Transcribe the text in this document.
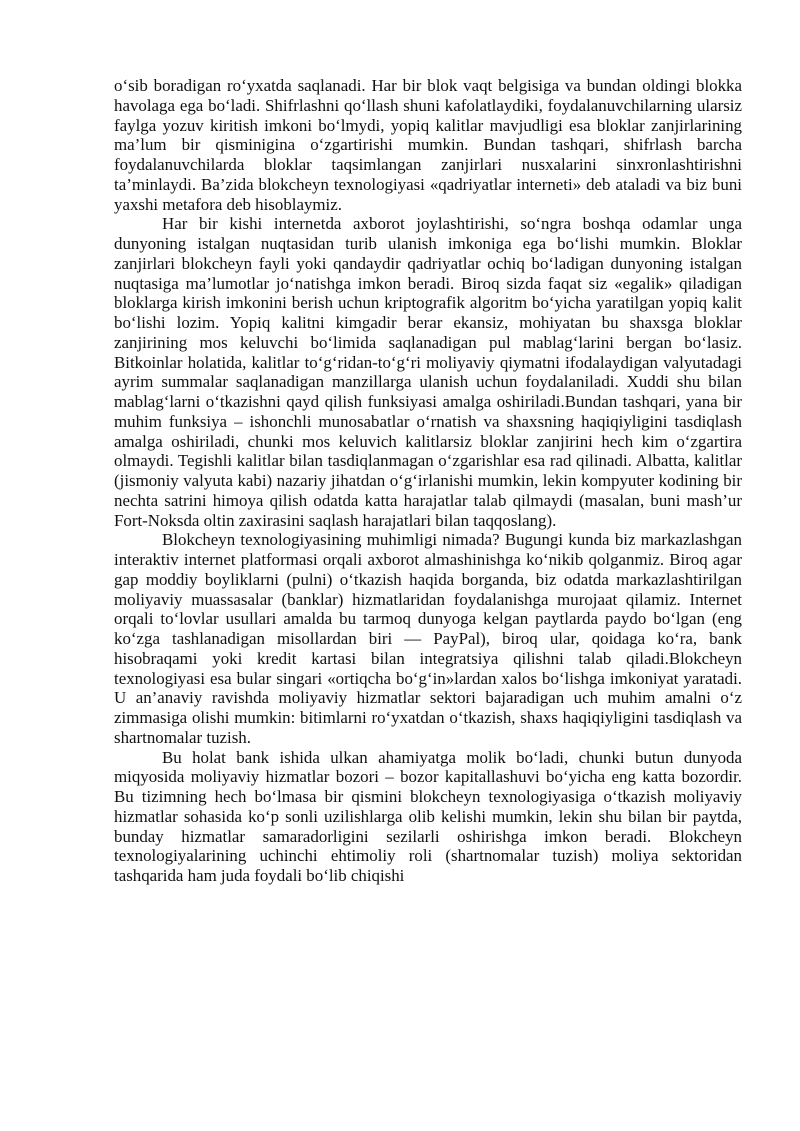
o‘sib boradigan ro‘yxatda saqlanadi. Har bir blok vaqt belgisiga va bundan oldingi blokka havolaga ega bo‘ladi. Shifrlashni qo‘llash shuni kafolatlaydiki, foydalanuvchilarning ularsiz faylga yozuv kiritish imkoni bo‘lmydi, yopiq kalitlar mavjudligi esa bloklar zanjirlarining ma’lum bir qisminigina o‘zgartirishi mumkin. Bundan tashqari, shifrlash barcha foydalanuvchilarda bloklar taqsimlangan zanjirlari nusxalarini sinxronlashtirishni ta’minlaydi. Ba’zida blokcheyn texnologiyasi «qadriyatlar interneti» deb ataladi va biz buni yaxshi metafora deb hisoblaymiz.

Har bir kishi internetda axborot joylashtirishi, so‘ngra boshqa odamlar unga dunyoning istalgan nuqtasidan turib ulanish imkoniga ega bo‘lishi mumkin. Bloklar zanjirlari blokcheyn fayli yoki qandaydir qadriyatlar ochiq bo‘ladigan dunyoning istalgan nuqtasiga ma’lumotlar jo‘natishga imkon beradi. Biroq sizda faqat siz «egalik» qiladigan bloklarga kirish imkonini berish uchun kriptografik algoritm bo‘yicha yaratilgan yopiq kalit bo‘lishi lozim. Yopiq kalitni kimgadir berar ekansiz, mohiyatan bu shaxsga bloklar zanjirining mos keluvchi bo‘limida saqlanadigan pul mablag‘larini bergan bo‘lasiz. Bitkoinlar holatida, kalitlar to‘g‘ridan-to‘g‘ri moliyaviy qiymatni ifodalaydigan valyutadagi ayrim summalar saqlanadigan manzillarga ulanish uchun foydalaniladi. Xuddi shu bilan mablag‘larni o‘tkazishni qayd qilish funksiyasi amalga oshiriladi.Bundan tashqari, yana bir muhim funksiya – ishonchli munosabatlar o‘rnatish va shaxsning haqiqiyligini tasdiqlash amalga oshiriladi, chunki mos keluvich kalitlarsiz bloklar zanjirini hech kim o‘zgartira olmaydi. Tegishli kalitlar bilan tasdiqlanmagan o‘zgarishlar esa rad qilinadi. Albatta, kalitlar (jismoniy valyuta kabi) nazariy jihatdan o‘g‘irlanishi mumkin, lekin kompyuter kodining bir nechta satrini himoya qilish odatda katta harajatlar talab qilmaydi (masalan, buni mash’ur Fort-Noksda oltin zaxirasini saqlash harajatlari bilan taqqoslang).

Blokcheyn texnologiyasining muhimligi nimada? Bugungi kunda biz markazlashgan interaktiv internet platformasi orqali axborot almashinishga ko‘nikib qolganmiz. Biroq agar gap moddiy boyliklarni (pulni) o‘tkazish haqida borganda, biz odatda markazlashtirilgan moliyaviy muassasalar (banklar) hizmatlaridan foydalanishga murojaat qilamiz. Internet orqali to‘lovlar usullari amalda bu tarmoq dunyoga kelgan paytlarda paydo bo‘lgan (eng ko‘zga tashlanadigan misollardan biri — PayPal), biroq ular, qoidaga ko‘ra, bank hisobraqami yoki kredit kartasi bilan integratsiya qilishni talab qiladi.Blokcheyn texnologiyasi esa bular singari «ortiqcha bo‘g‘in»lardan xalos bo‘lishga imkoniyat yaratadi. U an’anaviy ravishda moliyaviy hizmatlar sektori bajaradigan uch muhim amalni o‘z zimmasiga olishi mumkin: bitimlarni ro‘yxatdan o‘tkazish, shaxs haqiqiyligini tasdiqlash va shartnomalar tuzish.

Bu holat bank ishida ulkan ahamiyatga molik bo‘ladi, chunki butun dunyoda miqyosida moliyaviy hizmatlar bozori – bozor kapitallashuvi bo‘yicha eng katta bozordir. Bu tizimning hech bo‘lmasa bir qismini blokcheyn texnologiyasiga o‘tkazish moliyaviy hizmatlar sohasida ko‘p sonli uzilishlarga olib kelishi mumkin, lekin shu bilan bir paytda, bunday hizmatlar samaradorligini sezilarli oshirishga imkon beradi. Blokcheyn texnologiyalarining uchinchi ehtimoliy roli (shartnomalar tuzish) moliya sektoridan tashqarida ham juda foydali bo‘lib chiqishi
